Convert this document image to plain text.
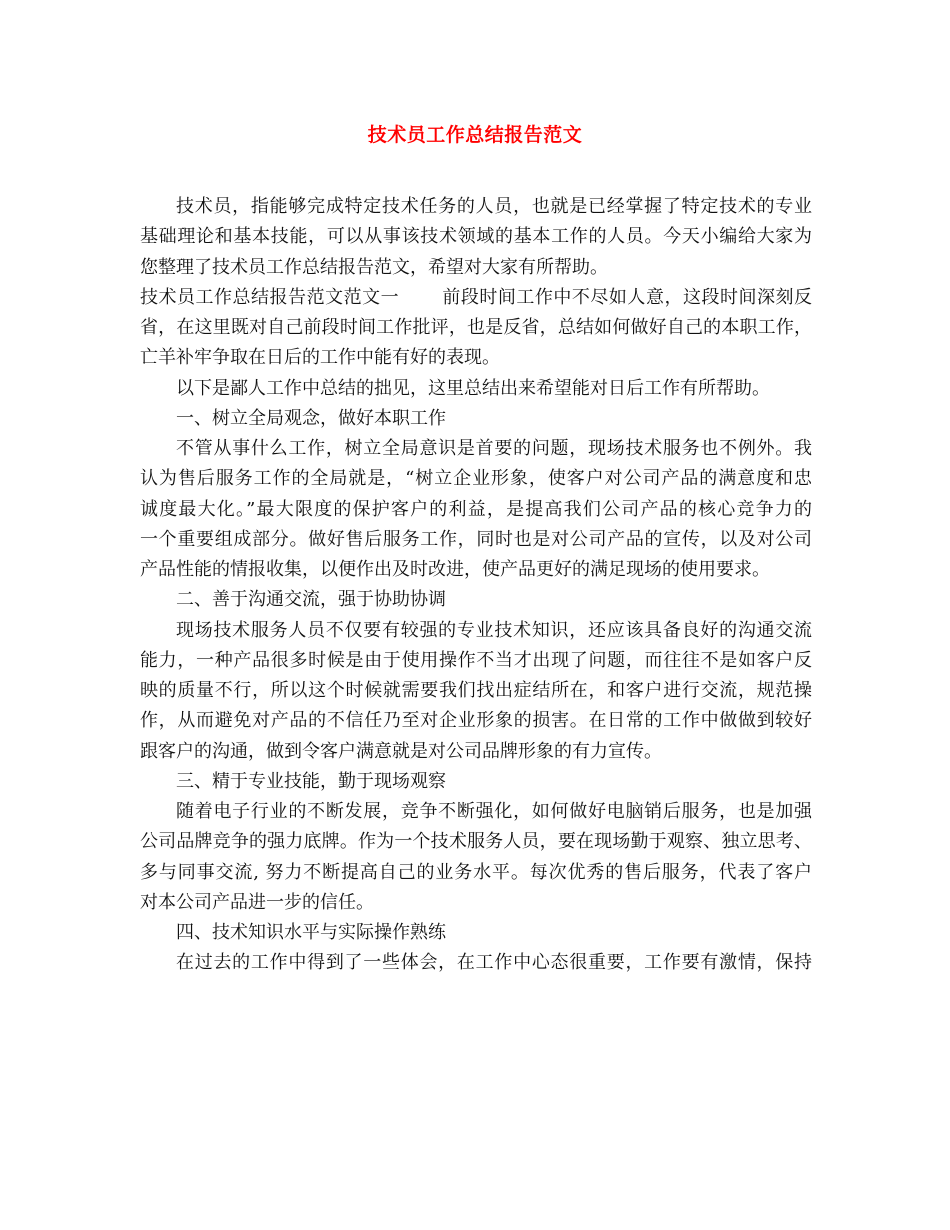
技术员工作总结报告范文
技术员，指能够完成特定技术任务的人员，也就是已经掌握了特定技术的专业
基础理论和基本技能，可以从事该技术领域的基本工作的人员。今天小编给大家为
您整理了技术员工作总结报告范文，希望对大家有所帮助。
技术员工作总结报告范文范文一　　 前段时间工作中不尽如人意，这段时间深刻反
省，在这里既对自己前段时间工作批评，也是反省，总结如何做好自己的本职工作，
亡羊补牢争取在日后的工作中能有好的表现。
以下是鄙人工作中总结的拙见，这里总结出来希望能对日后工作有所帮助。
一、树立全局观念，做好本职工作
不管从事什么工作，树立全局意识是首要的问题，现场技术服务也不例外。我
认为售后服务工作的全局就是，“树立企业形象，使客户对公司产品的满意度和忠
诚度最大化。”最大限度的保护客户的利益，是提高我们公司产品的核心竞争力的
一个重要组成部分。做好售后服务工作，同时也是对公司产品的宣传，以及对公司
产品性能的情报收集，以便作出及时改进，使产品更好的满足现场的使用要求。
二、善于沟通交流，强于协助协调
现场技术服务人员不仅要有较强的专业技术知识，还应该具备良好的沟通交流
能力，一种产品很多时候是由于使用操作不当才出现了问题，而往往不是如客户反
映的质量不行，所以这个时候就需要我们找出症结所在，和客户进行交流，规范操
作，从而避免对产品的不信任乃至对企业形象的损害。在日常的工作中做做到较好
跟客户的沟通，做到令客户满意就是对公司品牌形象的有力宣传。
三、精于专业技能，勤于现场观察
随着电子行业的不断发展，竞争不断强化，如何做好电脑销后服务，也是加强
公司品牌竞争的强力底牌。作为一个技术服务人员，要在现场勤于观察、独立思考、
多与同事交流, 努力不断提高自己的业务水平。每次优秀的售后服务，代表了客户
对本公司产品进一步的信任。
四、技术知识水平与实际操作熟练
在过去的工作中得到了一些体会，在工作中心态很重要，工作要有激情，保持
